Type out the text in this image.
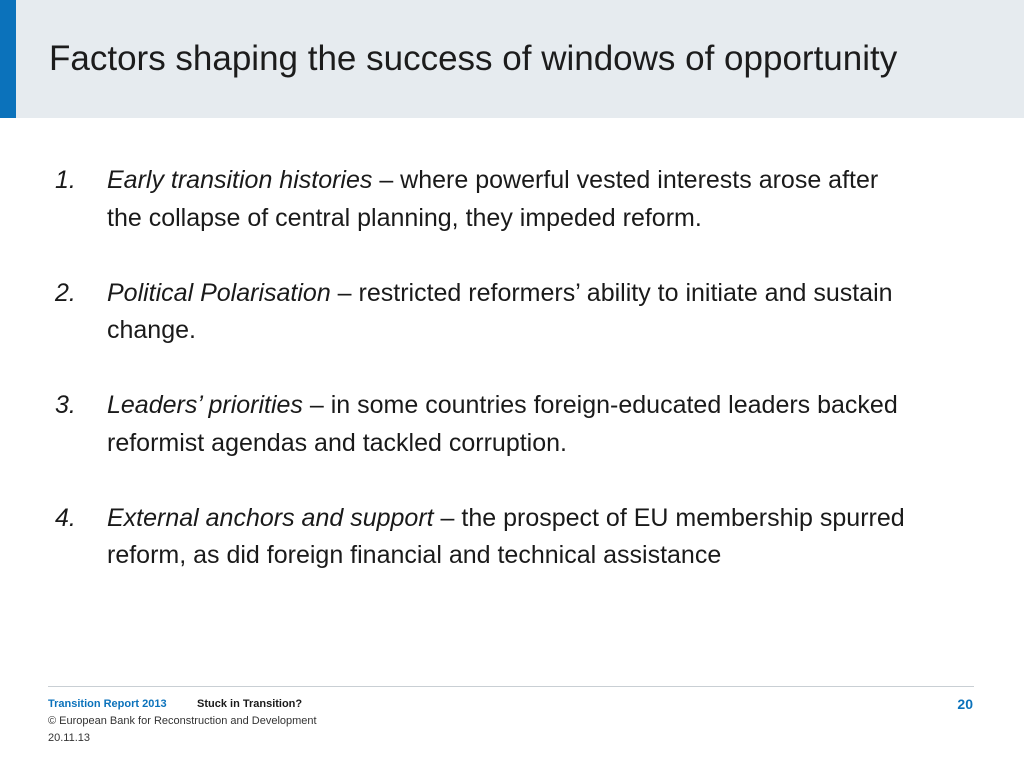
Factors shaping the success of windows of opportunity
1. Early transition histories – where powerful vested interests arose after the collapse of central planning, they impeded reform.
2. Political Polarisation – restricted reformers’ ability to initiate and sustain change.
3. Leaders’ priorities – in some countries foreign-educated leaders backed reformist agendas and tackled corruption.
4. External anchors and support – the prospect of EU membership spurred reform, as did foreign financial and technical assistance
Transition Report 2013	Stuck in Transition?
© European Bank for Reconstruction and Development
20.11.13
20
